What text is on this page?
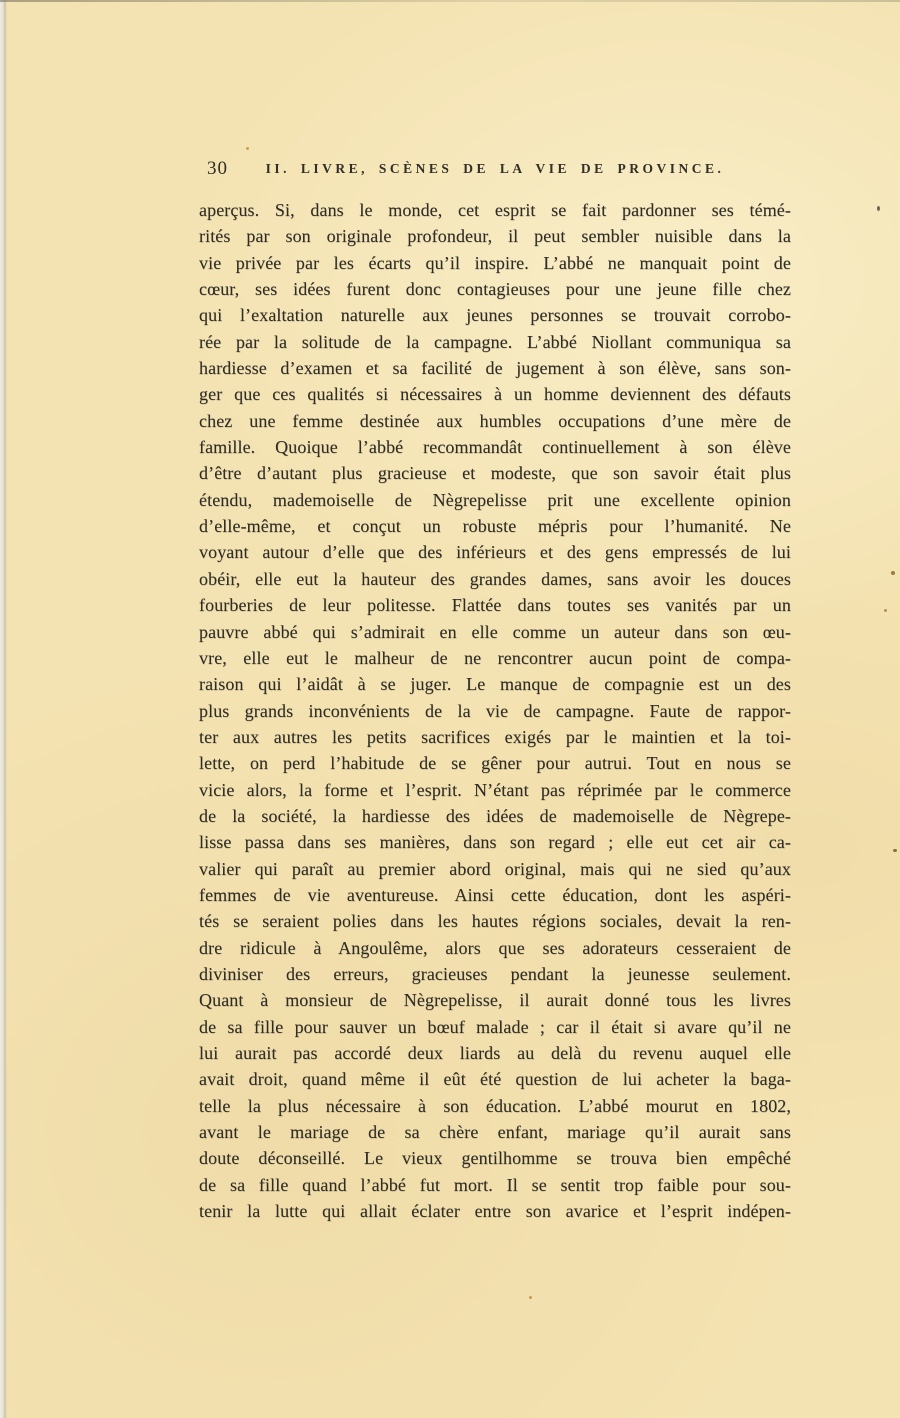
30	II. LIVRE, SCÈNES DE LA VIE DE PROVINCE.
aperçus. Si, dans le monde, cet esprit se fait pardonner ses témé-
rités par son originale profondeur, il peut sembler nuisible dans la
vie privée par les écarts qu’il inspire. L’abbé ne manquait point de
cœur, ses idées furent donc contagieuses pour une jeune fille chez
qui l’exaltation naturelle aux jeunes personnes se trouvait corrobo-
rée par la solitude de la campagne. L’abbé Niollant communiqua sa
hardiesse d’examen et sa facilité de jugement à son élève, sans son-
ger que ces qualités si nécessaires à un homme deviennent des défauts
chez une femme destinée aux humbles occupations d’une mère de
famille. Quoique l’abbé recommandât continuellement à son élève
d’être d’autant plus gracieuse et modeste, que son savoir était plus
étendu, mademoiselle de Nègrepelisse prit une excellente opinion
d’elle-même, et conçut un robuste mépris pour l’humanité. Ne
voyant autour d’elle que des inférieurs et des gens empressés de lui
obéir, elle eut la hauteur des grandes dames, sans avoir les douces
fourberies de leur politesse. Flattée dans toutes ses vanités par un
pauvre abbé qui s’admirait en elle comme un auteur dans son œu-
vre, elle eut le malheur de ne rencontrer aucun point de compa-
raison qui l’aidât à se juger. Le manque de compagnie est un des
plus grands inconvénients de la vie de campagne. Faute de rappor-
ter aux autres les petits sacrifices exigés par le maintien et la toi-
lette, on perd l’habitude de se gêner pour autrui. Tout en nous se
vicie alors, la forme et l’esprit. N’étant pas réprimée par le commerce
de la société, la hardiesse des idées de mademoiselle de Nègrepe-
lisse passa dans ses manières, dans son regard ; elle eut cet air ca-
valier qui paraît au premier abord original, mais qui ne sied qu’aux
femmes de vie aventureuse. Ainsi cette éducation, dont les aspéri-
tés se seraient polies dans les hautes régions sociales, devait la ren-
dre ridicule à Angoulême, alors que ses adorateurs cesseraient de
diviniser des erreurs, gracieuses pendant la jeunesse seulement.
Quant à monsieur de Nègrepelisse, il aurait donné tous les livres
de sa fille pour sauver un bœuf malade ; car il était si avare qu’il ne
lui aurait pas accordé deux liards au delà du revenu auquel elle
avait droit, quand même il eût été question de lui acheter la baga-
telle la plus nécessaire à son éducation. L’abbé mourut en 1802,
avant le mariage de sa chère enfant, mariage qu’il aurait sans
doute déconseillé. Le vieux gentilhomme se trouva bien empêché
de sa fille quand l’abbé fut mort. Il se sentit trop faible pour sou-
tenir la lutte qui allait éclater entre son avarice et l’esprit indépen-
